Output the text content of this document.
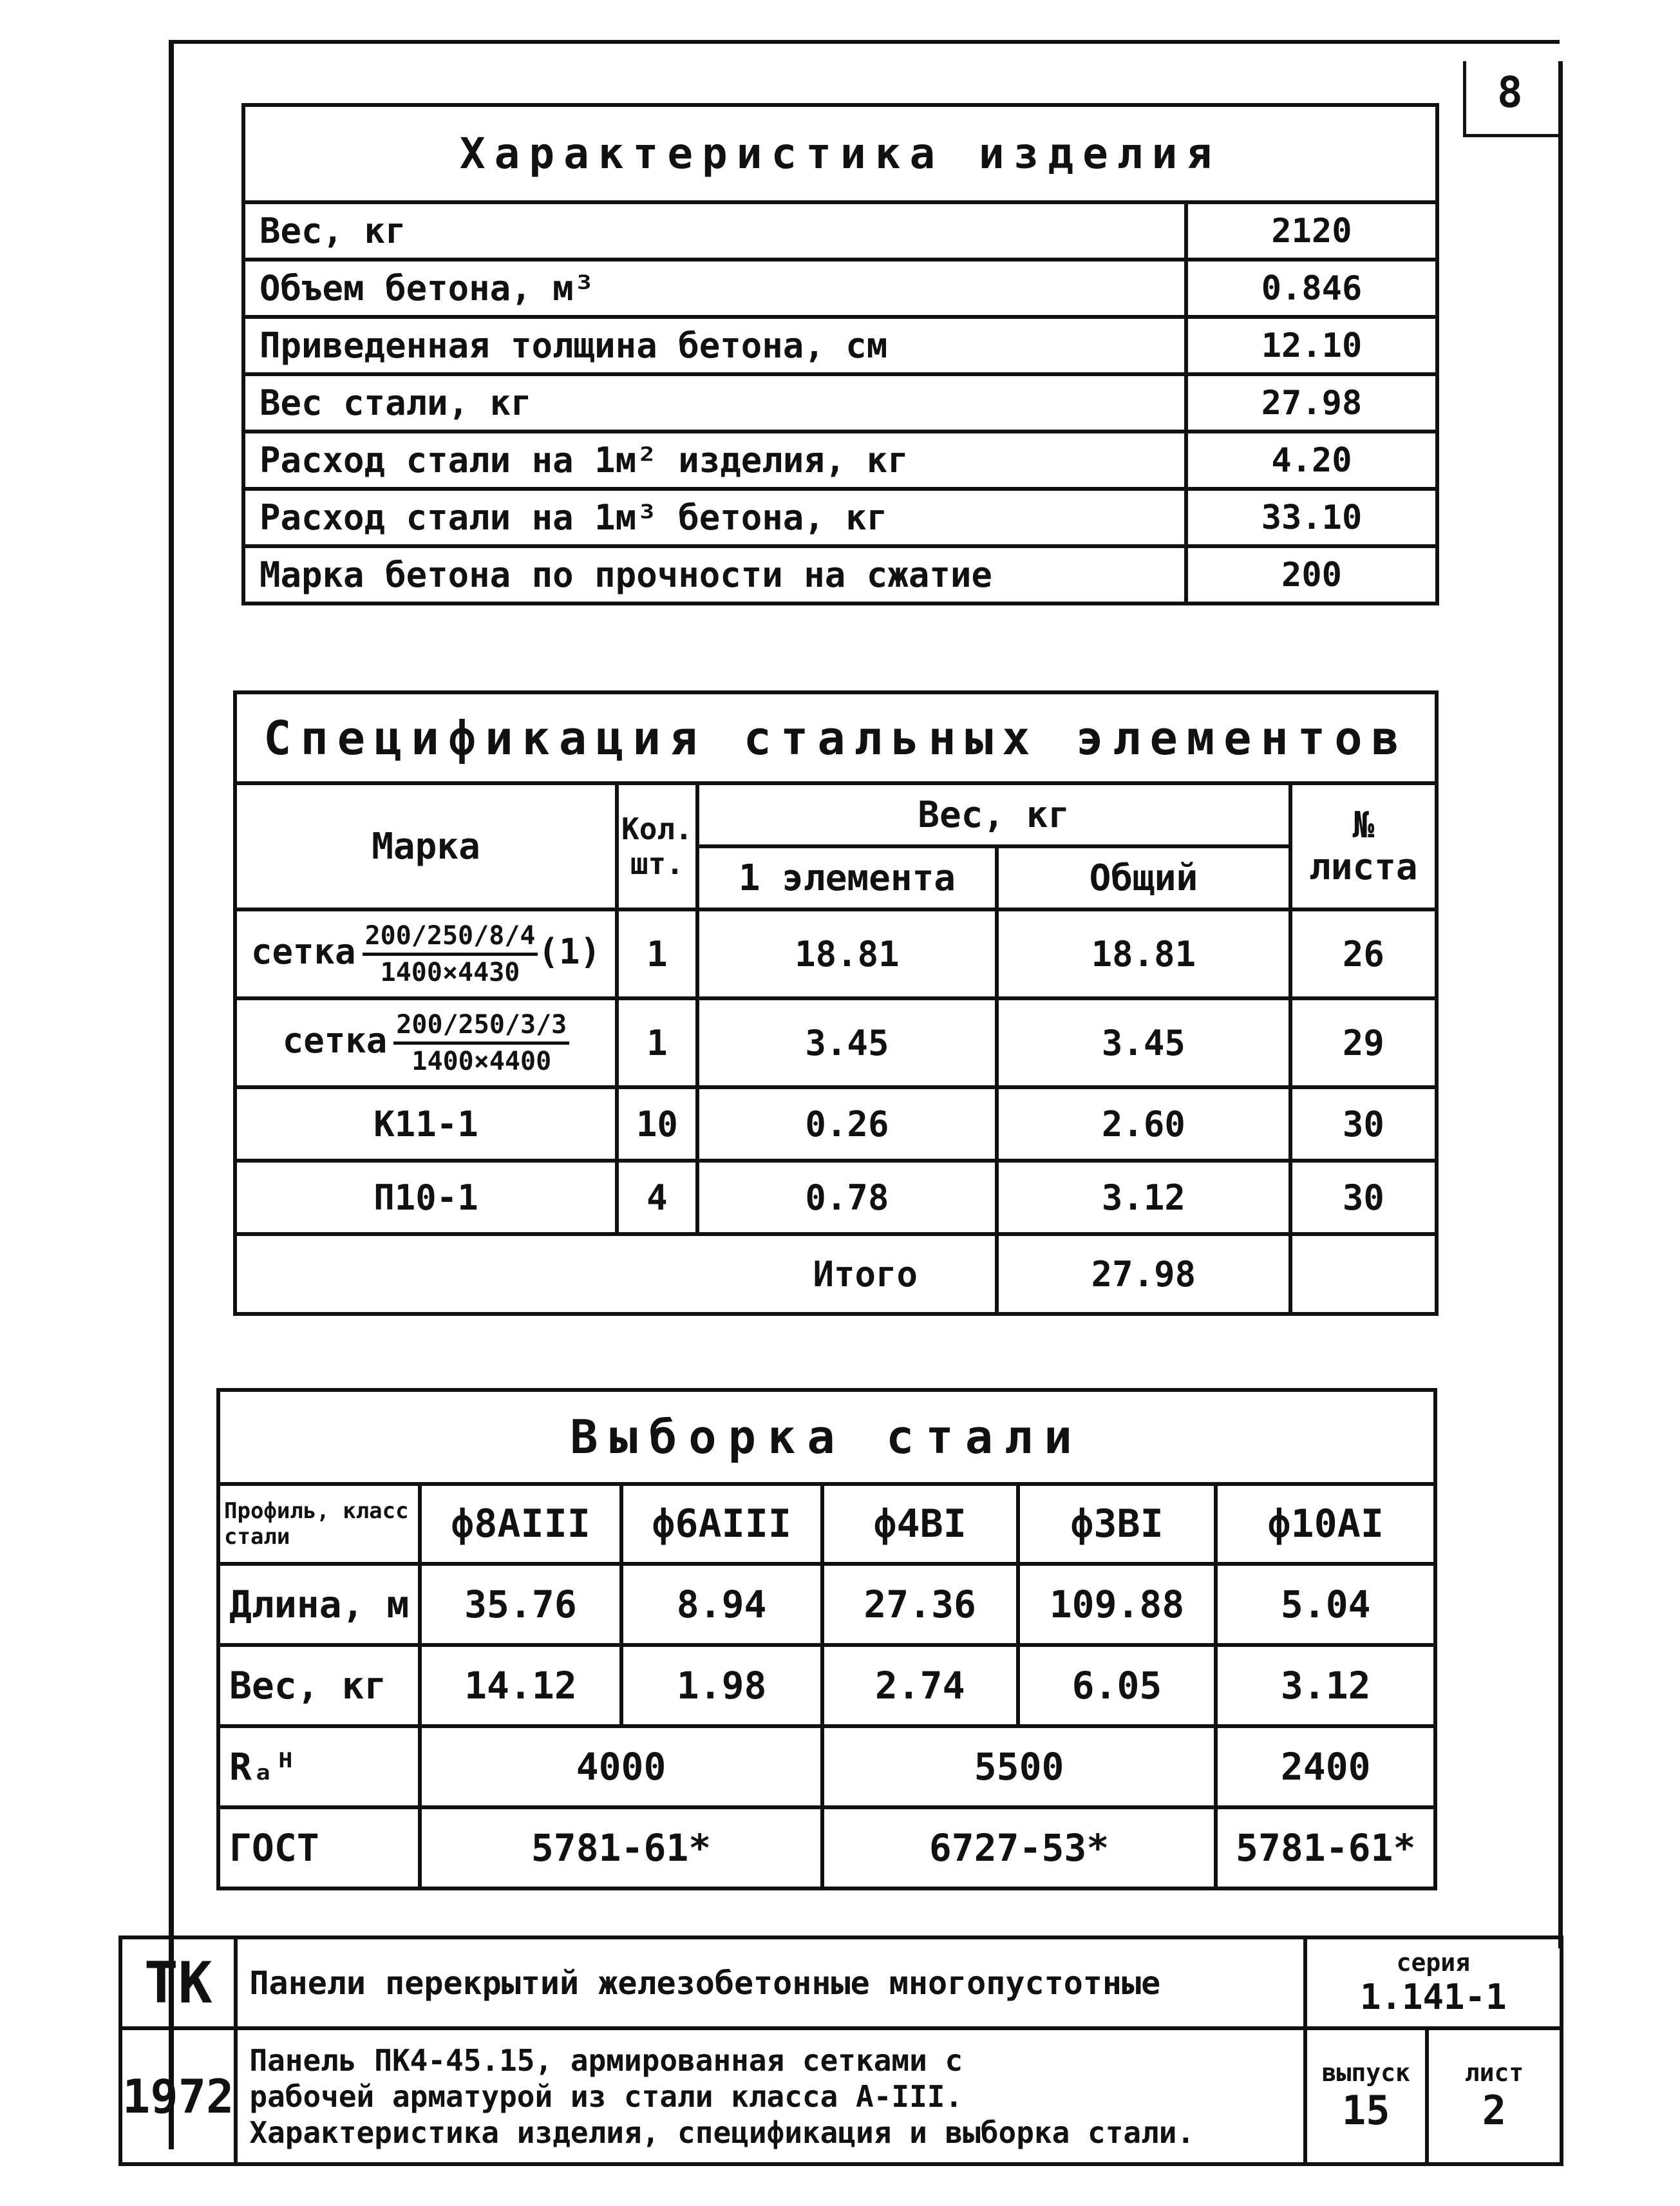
8
Характеристика изделия	
Вес, кг	2120
Объем бетона, м³	0.846
Приведенная толщина бетона, см	12.10
Вес стали, кг	27.98
Расход стали на 1м² изделия, кг	4.20
Расход стали на 1м³ бетона, кг	33.10
Марка бетона по прочности на сжатие	200
Спецификация стальных элементов				
Марка	Кол. шт.	Вес, кг		№ листа
		1 элемента	Общий	
сетка $\frac{200/250/8/4}{1400\times 4430} (1)$	1	18.81	18.81	26
сетка $\frac{200/250/3/3}{1400\times 4400}$	1	3.45	3.45	29
К11-1	10	0.26	2.60	30
П10-1	4	0.78	3.12	30
Итого			27.98	
Выборка стали					
Профиль, класс стали	ф8АIII	ф6АIII	ф4ВI	ф3ВI	ф10АI
Длина, м	35.76	8.94	27.36	109.88	5.04
Вес, кг	14.12	1.98	2.74	6.05	3.12
Rₐᴴ	4000		5500		2400
ГОСТ	5781-61*		6727-53*		5781-61*
ТК	Панели перекрытий железобетонные многопустотные	серия
1.141-1	

1972	Панель ПК4-45.15, армированная сетками с
рабочей арматурой из стали класса А-III.
Характеристика изделия, спецификация и выборка стали.	выпуск
15	лист
2
